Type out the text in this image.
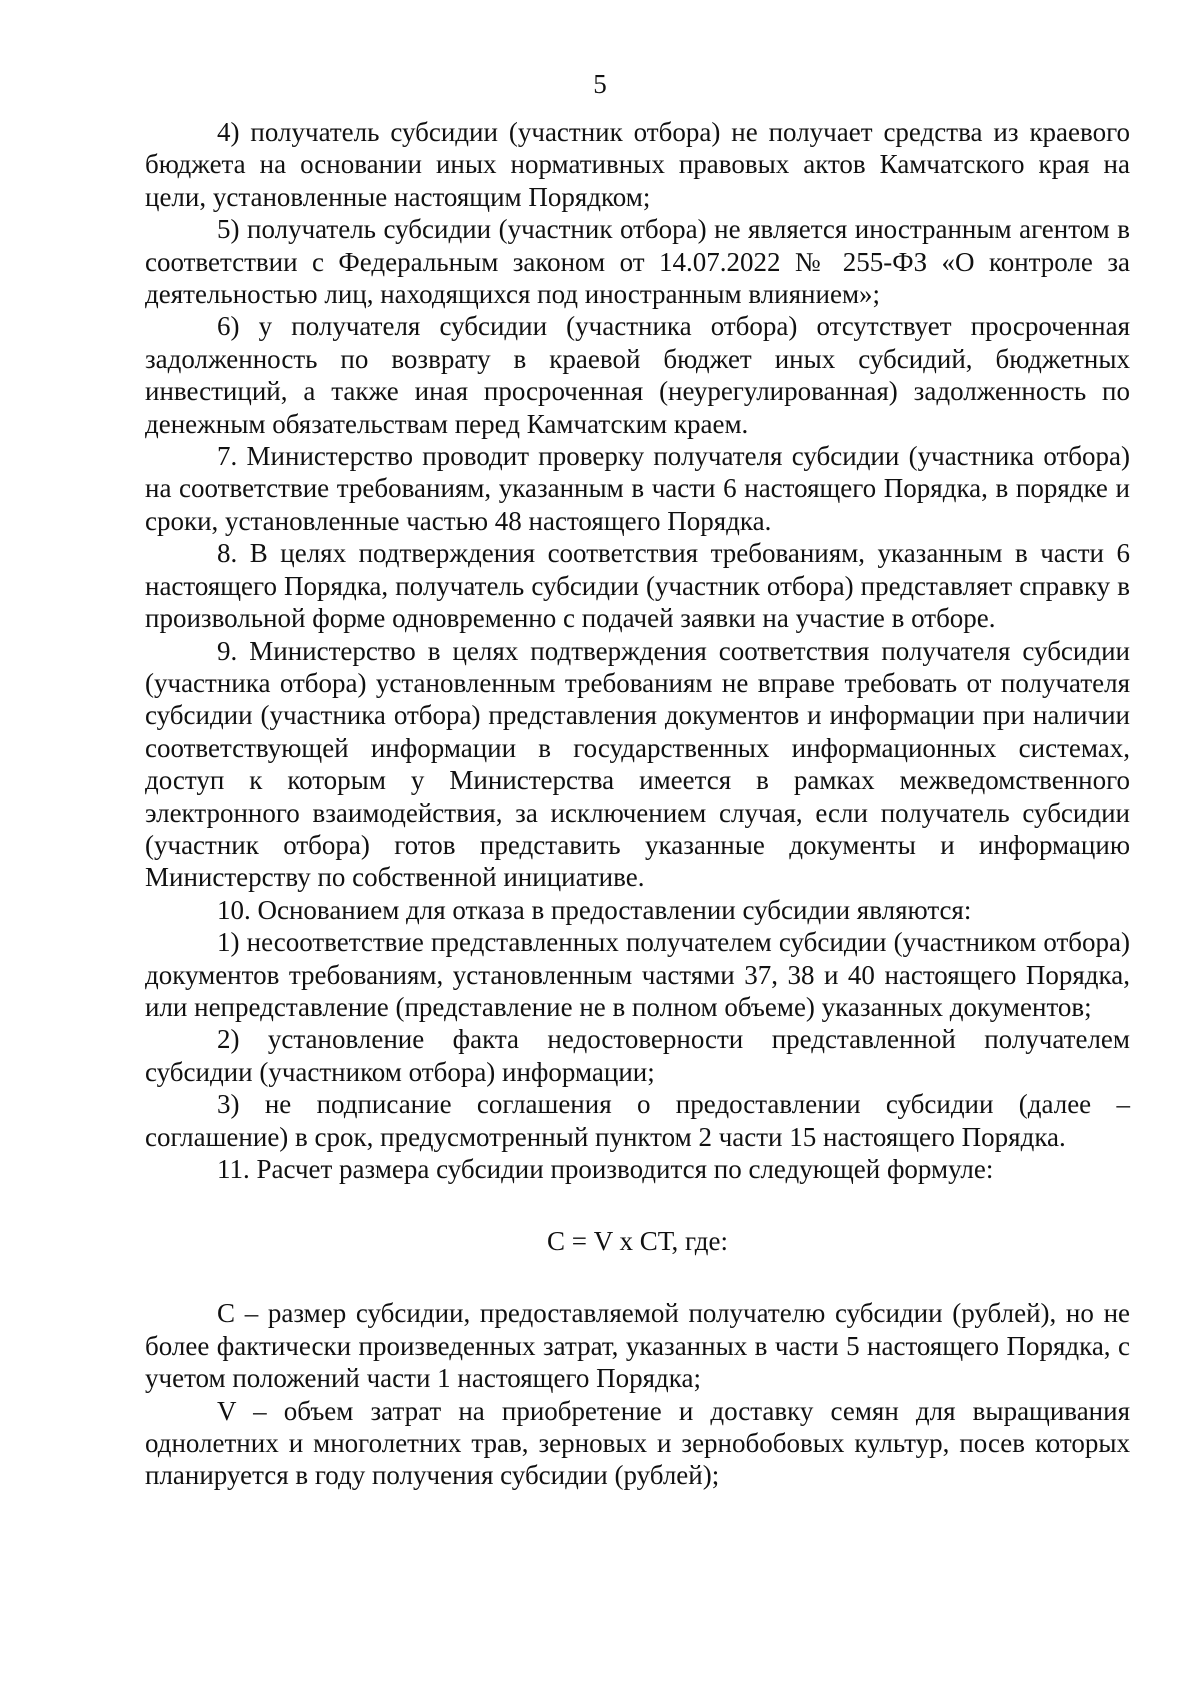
5

4) получатель субсидии (участник отбора) не получает средства из краевого бюджета на основании иных нормативных правовых актов Камчатского края на цели, установленные настоящим Порядком;

5) получатель субсидии (участник отбора) не является иностранным агентом в соответствии с Федеральным законом от 14.07.2022 № 255-ФЗ «О контроле за деятельностью лиц, находящихся под иностранным влиянием»;

6) у получателя субсидии (участника отбора) отсутствует просроченная задолженность по возврату в краевой бюджет иных субсидий, бюджетных инвестиций, а также иная просроченная (неурегулированная) задолженность по денежным обязательствам перед Камчатским краем.

7. Министерство проводит проверку получателя субсидии (участника отбора) на соответствие требованиям, указанным в части 6 настоящего Порядка, в порядке и сроки, установленные частью 48 настоящего Порядка.

8. В целях подтверждения соответствия требованиям, указанным в части 6 настоящего Порядка, получатель субсидии (участник отбора) представляет справку в произвольной форме одновременно с подачей заявки на участие в отборе.

9. Министерство в целях подтверждения соответствия получателя субсидии (участника отбора) установленным требованиям не вправе требовать от получателя субсидии (участника отбора) представления документов и информации при наличии соответствующей информации в государственных информационных системах, доступ к которым у Министерства имеется в рамках межведомственного электронного взаимодействия, за исключением случая, если получатель субсидии (участник отбора) готов представить указанные документы и информацию Министерству по собственной инициативе.

10. Основанием для отказа в предоставлении субсидии являются:

1) несоответствие представленных получателем субсидии (участником отбора) документов требованиям, установленным частями 37, 38 и 40 настоящего Порядка, или непредставление (представление не в полном объеме) указанных документов;

2) установление факта недостоверности представленной получателем субсидии (участником отбора) информации;

3) не подписание соглашения о предоставлении субсидии (далее – соглашение) в срок, предусмотренный пунктом 2 части 15 настоящего Порядка.

11. Расчет размера субсидии производится по следующей формуле:

С = V x СТ, где:

С – размер субсидии, предоставляемой получателю субсидии (рублей), но не более фактически произведенных затрат, указанных в части 5 настоящего Порядка, с учетом положений части 1 настоящего Порядка;

V – объем затрат на приобретение и доставку семян для выращивания однолетних и многолетних трав, зерновых и зернобобовых культур, посев которых планируется в году получения субсидии (рублей);
